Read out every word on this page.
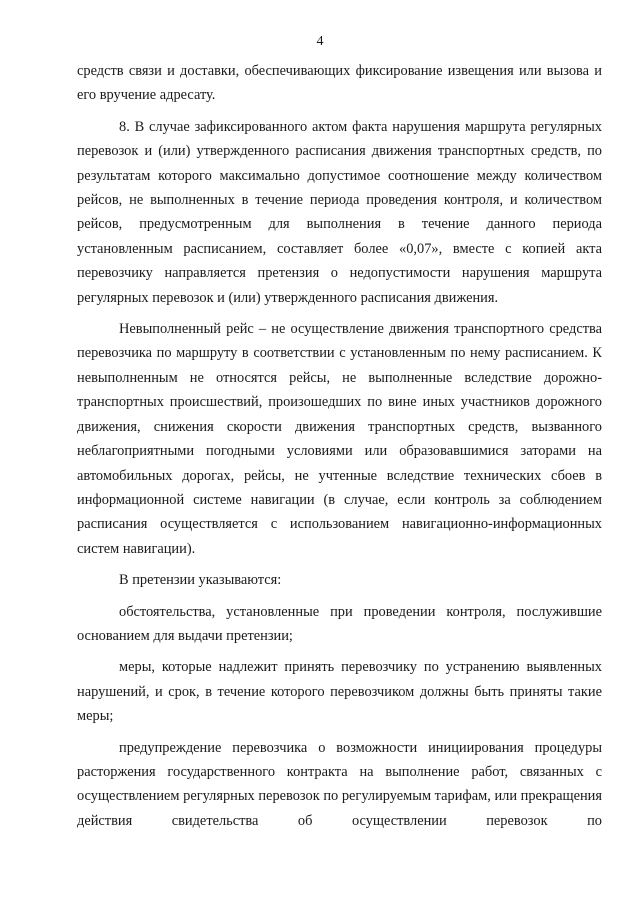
4

средств связи и доставки, обеспечивающих фиксирование извещения или вызова и его вручение адресату.

8. В случае зафиксированного актом факта нарушения маршрута регулярных перевозок и (или) утвержденного расписания движения транспортных средств, по результатам которого максимально допустимое соотношение между количеством рейсов, не выполненных в течение периода проведения контроля, и количеством рейсов, предусмотренным для выполнения в течение данного периода установленным расписанием, составляет более «0,07», вместе с копией акта перевозчику направляется претензия о недопустимости нарушения маршрута регулярных перевозок и (или) утвержденного расписания движения.

Невыполненный рейс – не осуществление движения транспортного средства перевозчика по маршруту в соответствии с установленным по нему расписанием. К невыполненным не относятся рейсы, не выполненные вследствие дорожно-транспортных происшествий, произошедших по вине иных участников дорожного движения, снижения скорости движения транспортных средств, вызванного неблагоприятными погодными условиями или образовавшимися заторами на автомобильных дорогах, рейсы, не учтенные вследствие технических сбоев в информационной системе навигации (в случае, если контроль за соблюдением расписания осуществляется с использованием навигационно-информационных систем навигации).

В претензии указываются:

обстоятельства, установленные при проведении контроля, послужившие основанием для выдачи претензии;

меры, которые надлежит принять перевозчику по устранению выявленных нарушений, и срок, в течение которого перевозчиком должны быть приняты такие меры;

предупреждение перевозчика о возможности инициирования процедуры расторжения государственного контракта на выполнение работ, связанных с осуществлением регулярных перевозок по регулируемым тарифам, или прекращения действия свидетельства об осуществлении перевозок по
